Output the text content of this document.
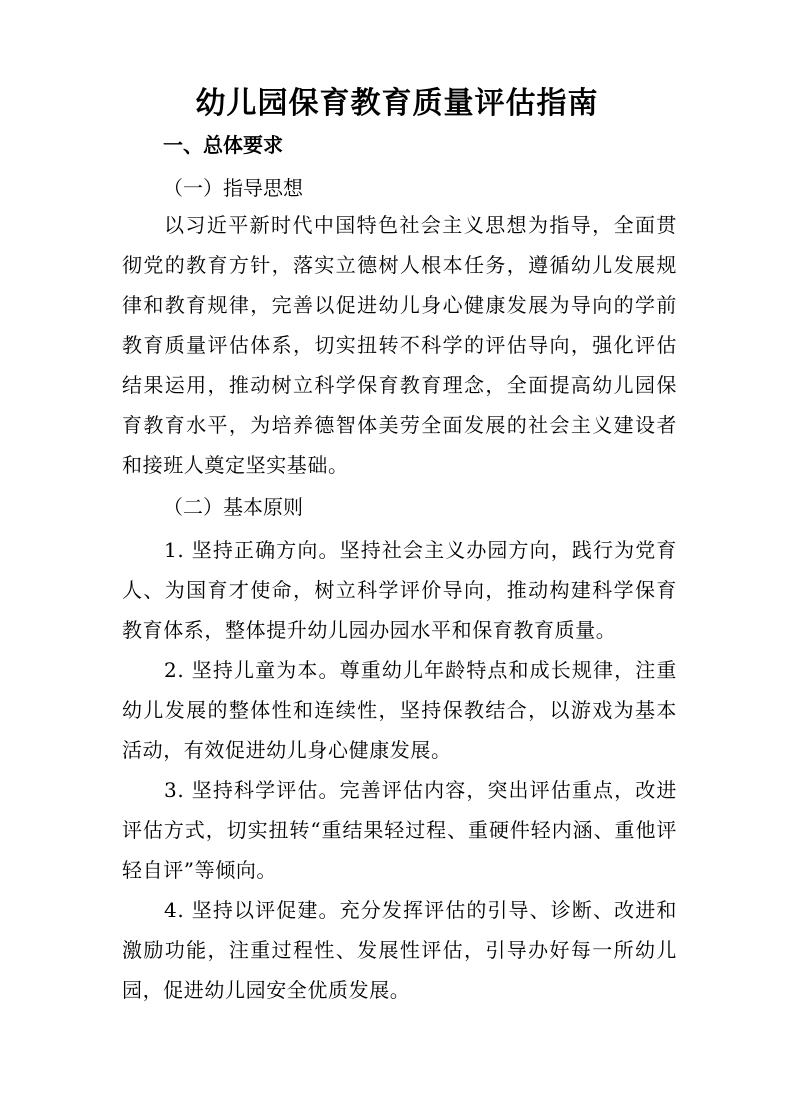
幼儿园保育教育质量评估指南
一、总体要求
（一）指导思想
以习近平新时代中国特色社会主义思想为指导，全面贯彻党的教育方针，落实立德树人根本任务，遵循幼儿发展规律和教育规律，完善以促进幼儿身心健康发展为导向的学前教育质量评估体系，切实扭转不科学的评估导向，强化评估结果运用，推动树立科学保育教育理念，全面提高幼儿园保育教育水平，为培养德智体美劳全面发展的社会主义建设者和接班人奠定坚实基础。
（二）基本原则
1. 坚持正确方向。坚持社会主义办园方向，践行为党育人、为国育才使命，树立科学评价导向，推动构建科学保育教育体系，整体提升幼儿园办园水平和保育教育质量。
2. 坚持儿童为本。尊重幼儿年龄特点和成长规律，注重幼儿发展的整体性和连续性，坚持保教结合，以游戏为基本活动，有效促进幼儿身心健康发展。
3. 坚持科学评估。完善评估内容，突出评估重点，改进评估方式，切实扭转“重结果轻过程、重硬件轻内涵、重他评轻自评”等倾向。
4. 坚持以评促建。充分发挥评估的引导、诊断、改进和激励功能，注重过程性、发展性评估，引导办好每一所幼儿园，促进幼儿园安全优质发展。
